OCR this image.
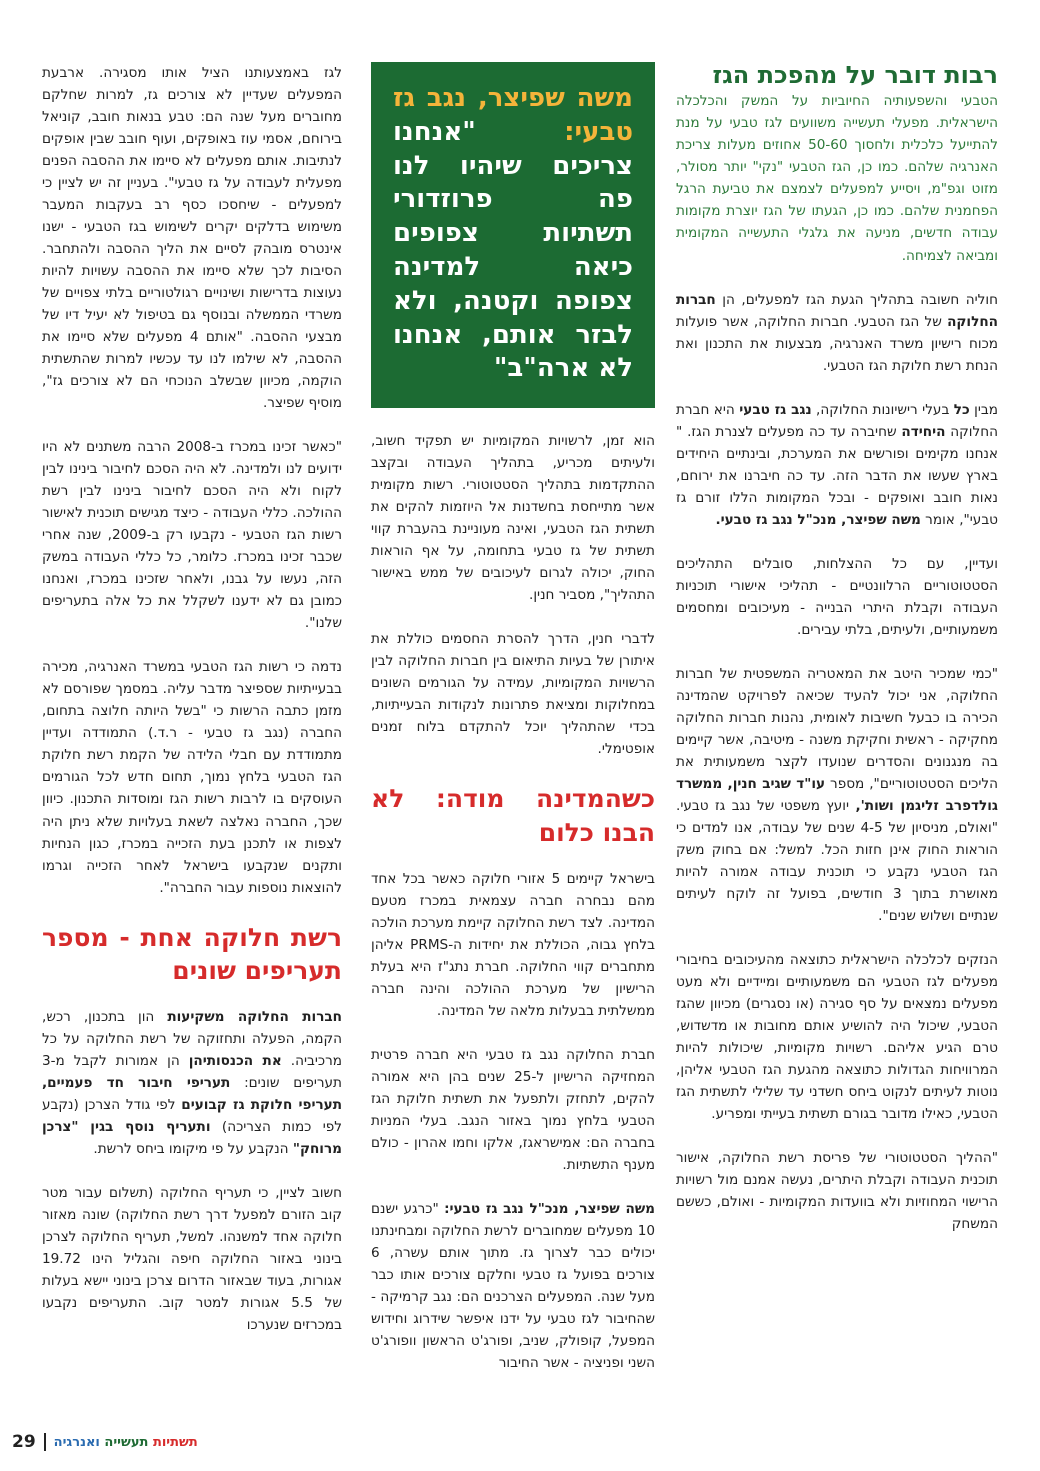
רבות דובר על מהפכת הגז

הטבעי והשפעותיה החיוביות על המשק והכלכלה הישראלית. מפעלי תעשייה משוועים לגז טבעי על מנת להתייעל כלכלית ולחסוך 50-60 אחוזים מעלות צריכת האנרגיה שלהם. כמו כן, הגז הטבעי "נקי" יותר מסולר, מזוט וגפ"מ, ויסייע למפעלים לצמצם את טביעת הרגל הפחמנית שלהם. כמו כן, הגעתו של הגז יוצרת מקומות עבודה חדשים, מניעה את גלגלי התעשייה המקומית ומביאה לצמיחה.

חוליה חשובה בתהליך הגעת הגז למפעלים, הן חברות החלוקה של הגז הטבעי. חברות החלוקה, אשר פועלות מכוח רישיון משרד האנרגיה, מבצעות את התכנון ואת הנחת רשת חלוקת הגז הטבעי.

מבין כל בעלי רישיונות החלוקה, נגב גז טבעי היא חברת החלוקה היחידה שחיברה עד כה מפעלים לצנרת הגז. " אנחנו מקימים ופורשים את המערכת, ובינתיים היחידים בארץ שעשו את הדבר הזה. עד כה חיברנו את ירוחם, נאות חובב ואופקים - ובכל המקומות הללו זורם גז טבעי", אומר משה שפיצר, מנכ"ל נגב גז טבעי.

ועדיין, עם כל ההצלחות, סובלים התהליכים הסטטוטוריים הרלוונטיים - תהליכי אישורי תוכניות העבודה וקבלת היתרי הבנייה - מעיכובים ומחסמים משמעותיים, ולעיתים, בלתי עבירים.

"כמי שמכיר היטב את המאטריה המשפטית של חברות החלוקה, אני יכול להעיד שכיאה לפרויקט שהמדינה הכירה בו כבעל חשיבות לאומית, נהנות חברות החלוקה מחקיקה - ראשית וחקיקת משנה - מיטיבה, אשר קיימים בה מנגנונים והסדרים שנועדו לקצר משמעותית את הליכים הסטטוטוריים", מספר עו"ד שגיב חנין, ממשרד גולדפרב זליגמן ושות', יועץ משפטי של נגב גז טבעי. "ואולם, מניסיון של 4-5 שנים של עבודה, אנו למדים כי הוראות החוק אינן חזות הכל. למשל: אם בחוק משק הגז הטבעי נקבע כי תוכנית עבודה אמורה להיות מאושרת בתוך 3 חודשים, בפועל זה לוקח לעיתים שנתיים ושלוש שנים".

הנזקים לכלכלה הישראלית כתוצאה מהעיכובים בחיבורי מפעלים לגז הטבעי הם משמעותיים ומיידיים ולא מעט מפעלים נמצאים על סף סגירה (או נסגרים) מכיוון שהגז הטבעי, שיכול היה להושיע אותם מחובות או מדשדוש, טרם הגיע אליהם. רשויות מקומיות, שיכולות להיות המרוויחות הגדולות כתוצאה מהגעת הגז הטבעי אליהן, נוטות לעיתים לנקוט ביחס חשדני עד שלילי לתשתית הגז הטבעי, כאילו מדובר בגורם תשתית בעייתי ומפריע.

"ההליך הסטטוטורי של פריסת רשת החלוקה, אישור תוכנית העבודה וקבלת היתרים, נעשה אמנם מול רשויות הרישוי המחוזיות ולא בוועדות המקומיות - ואולם, כששם המשחק

משה שפיצר, נגב גז טבעי: "אנחנו צריכים שיהיו לנו פה פרוזדורי תשתיות צפופים כיאה למדינה צפופה וקטנה, ולא לבזר אותם, אנחנו לא ארה"ב"

הוא זמן, לרשויות המקומיות יש תפקיד חשוב, ולעיתים מכריע, בתהליך העבודה ובקצב ההתקדמות בתהליך הסטטוטורי. רשות מקומית אשר מתייחסת בחשדנות אל היוזמות להקים את תשתית הגז הטבעי, ואינה מעוניינת בהעברת קווי תשתית של גז טבעי בתחומה, על אף הוראות החוק, יכולה לגרום לעיכובים של ממש באישור התהליך", מסביר חנין.

לדברי חנין, הדרך להסרת החסמים כוללת את איתורן של בעיות התיאום בין חברות החלוקה לבין הרשויות המקומיות, עמידה על הגורמים השונים במחלוקות ומציאת פתרונות לנקודות הבעייתיות, בכדי שהתהליך יוכל להתקדם בלוח זמנים אופטימלי.

כשהמדינה מודה: לא הבנו כלום

בישראל קיימים 5 אזורי חלוקה כאשר בכל אחד מהם נבחרה חברה עצמאית במכרז מטעם המדינה. לצד רשת החלוקה קיימת מערכת הולכה בלחץ גבוה, הכוללת את יחידות ה-PRMS אליהן מתחברים קווי החלוקה. חברת נתג"ז היא בעלת הרישיון של מערכת ההולכה והינה חברה ממשלתית בבעלות מלאה של המדינה.

חברת החלוקה נגב גז טבעי היא חברה פרטית המחזיקה הרישיון ל-25 שנים בהן היא אמורה להקים, לתחזק ולתפעל את תשתית חלוקת הגז הטבעי בלחץ נמוך באזור הנגב. בעלי המניות בחברה הם: אמישראגז, אלקו וחמו אהרון - כולם מענף התשתיות.

משה שפיצר, מנכ"ל נגב גז טבעי: "כרגע ישנם 10 מפעלים שמחוברים לרשת החלוקה ומבחינתנו יכולים כבר לצרוך גז. מתוך אותם עשרה, 6 צורכים בפועל גז טבעי וחלקם צורכים אותו כבר מעל שנה. המפעלים הצרכנים הם: נגב קרמיקה - שהחיבור לגז טבעי על ידנו איפשר שידרוג וחידוש המפעל, קופולק, שניב, ופורג'ט הראשון וופורג'ט השני ופניציה - אשר החיבור

לגז באמצעותנו הציל אותו מסגירה. ארבעת המפעלים שעדיין לא צורכים גז, למרות שחלקם מחוברים מעל שנה הם: טבע בנאות חובב, קוניאל בירוחם, אסמי עוז באופקים, ועוף חובב שבין אופקים לנתיבות. אותם מפעלים לא סיימו את ההסבה הפנים מפעלית לעבודה על גז טבעי". בעניין זה יש לציין כי למפעלים - שיחסכו כסף רב בעקבות המעבר משימוש בדלקים יקרים לשימוש בגז הטבעי - ישנו אינטרס מובהק לסיים את הליך ההסבה ולהתחבר. הסיבות לכך שלא סיימו את ההסבה עשויות להיות נעוצות בדרישות ושינויים רגולטוריים בלתי צפויים של משרדי הממשלה ובנוסף גם בטיפול לא יעיל דיו של מבצעי ההסבה. "אותם 4 מפעלים שלא סיימו את ההסבה, לא שילמו לנו עד עכשיו למרות שהתשתית הוקמה, מכיוון שבשלב הנוכחי הם לא צורכים גז", מוסיף שפיצר.

"כאשר זכינו במכרז ב-2008 הרבה משתנים לא היו ידועים לנו ולמדינה. לא היה הסכם לחיבור בינינו לבין לקוח ולא היה הסכם לחיבור בינינו לבין רשת ההולכה. כללי העבודה - כיצד מגישים תוכנית לאישור רשות הגז הטבעי - נקבעו רק ב-2009, שנה אחרי שכבר זכינו במכרז. כלומר, כל כללי העבודה במשק הזה, נעשו על גבנו, ולאחר שזכינו במכרז, ואנחנו כמובן גם לא ידענו לשקלל את כל אלה בתעריפים שלנו".

נדמה כי רשות הגז הטבעי במשרד האנרגיה, מכירה בבעייתיות שספיצר מדבר עליה. במסמך שפורסם לא מזמן כתבה הרשות כי "בשל היותה חלוצה בתחום, החברה (נגב גז טבעי - ר.ד.) התמודדה ועדיין מתמודדת עם חבלי הלידה של הקמת רשת חלוקת הגז הטבעי בלחץ נמוך, תחום חדש לכל הגורמים העוסקים בו לרבות רשות הגז ומוסדות התכנון. כיוון שכך, החברה נאלצה לשאת בעלויות שלא ניתן היה לצפות או לתכנן בעת הזכייה במכרז, כגון הנחיות ותקנים שנקבעו בישראל לאחר הזכייה וגרמו להוצאות נוספות עבור החברה".

רשת חלוקה אחת - מספר תעריפים שונים

חברות החלוקה משקיעות הון בתכנון, רכש, הקמה, הפעלה ותחזוקה של רשת החלוקה על כל מרכיביה. את הכנסותיהן הן אמורות לקבל מ-3 תעריפים שונים: תעריפי חיבור חד פעמיים, תעריפי חלוקת גז קבועים לפי גודל הצרכן (נקבע לפי כמות הצריכה) ותעריף נוסף בגין "צרכן מרוחק" הנקבע על פי מיקומו ביחס לרשת.

חשוב לציין, כי תעריף החלוקה (תשלום עבור מטר קוב הזורם למפעל דרך רשת החלוקה) שונה מאזור חלוקה אחד למשנהו. למשל, תעריף החלוקה לצרכן בינוני באזור החלוקה חיפה והגליל הינו 19.72 אגורות, בעוד שבאזור הדרום צרכן בינוני יישא בעלות של 5.5 אגורות למטר קוב. התעריפים נקבעו במכרזים שנערכו

29	תשתיות תעשייה ואנרגיה
